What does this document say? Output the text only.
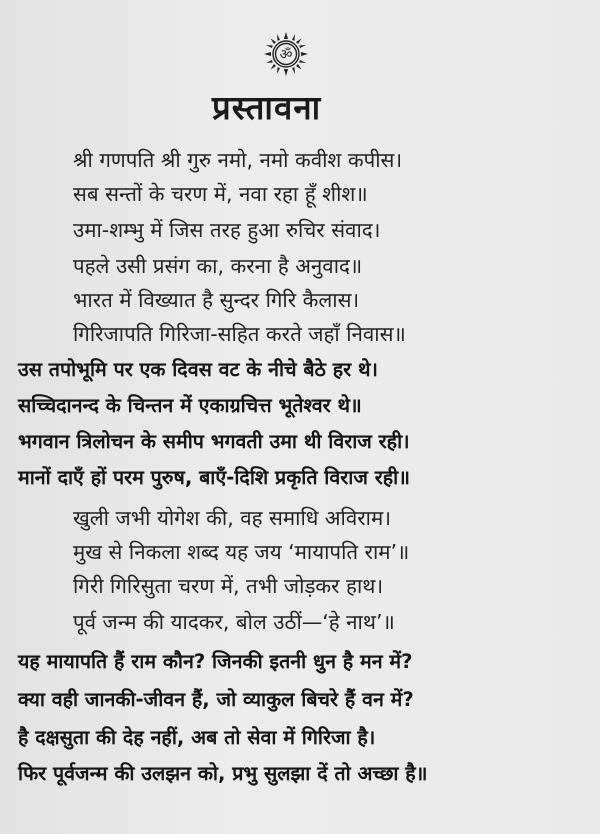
ॐ
प्रस्तावना
श्री गणपति श्री गुरु नमो, नमो कवीश कपीस।
सब सन्तों के चरण में, नवा रहा हूँ शीश॥
उमा-शम्भु में जिस तरह हुआ रुचिर संवाद।
पहले उसी प्रसंग का, करना है अनुवाद॥
भारत में विख्यात है सुन्दर गिरि कैलास।
गिरिजापति गिरिजा-सहित करते जहाँ निवास॥
उस तपोभूमि पर एक दिवस वट के नीचे बैठे हर थे।
सच्चिदानन्द के चिन्तन में एकाग्रचित्त भूतेश्वर थे॥
भगवान त्रिलोचन के समीप भगवती उमा थी विराज रही।
मानों दाएँ हों परम पुरुष, बाएँ-दिशि प्रकृति विराज रही॥
खुली जभी योगेश की, वह समाधि अविराम।
मुख से निकला शब्द यह जय ‘मायापति राम’॥
गिरी गिरिसुता चरण में, तभी जोड़कर हाथ।
पूर्व जन्म की यादकर, बोल उठीं—‘हे नाथ’॥
यह मायापति हैं राम कौन? जिनकी इतनी धुन है मन में?
क्या वही जानकी-जीवन हैं, जो व्याकुल बिचरे हैं वन में?
है दक्षसुता की देह नहीं, अब तो सेवा में गिरिजा है।
फिर पूर्वजन्म की उलझन को, प्रभु सुलझा दें तो अच्छा है॥
